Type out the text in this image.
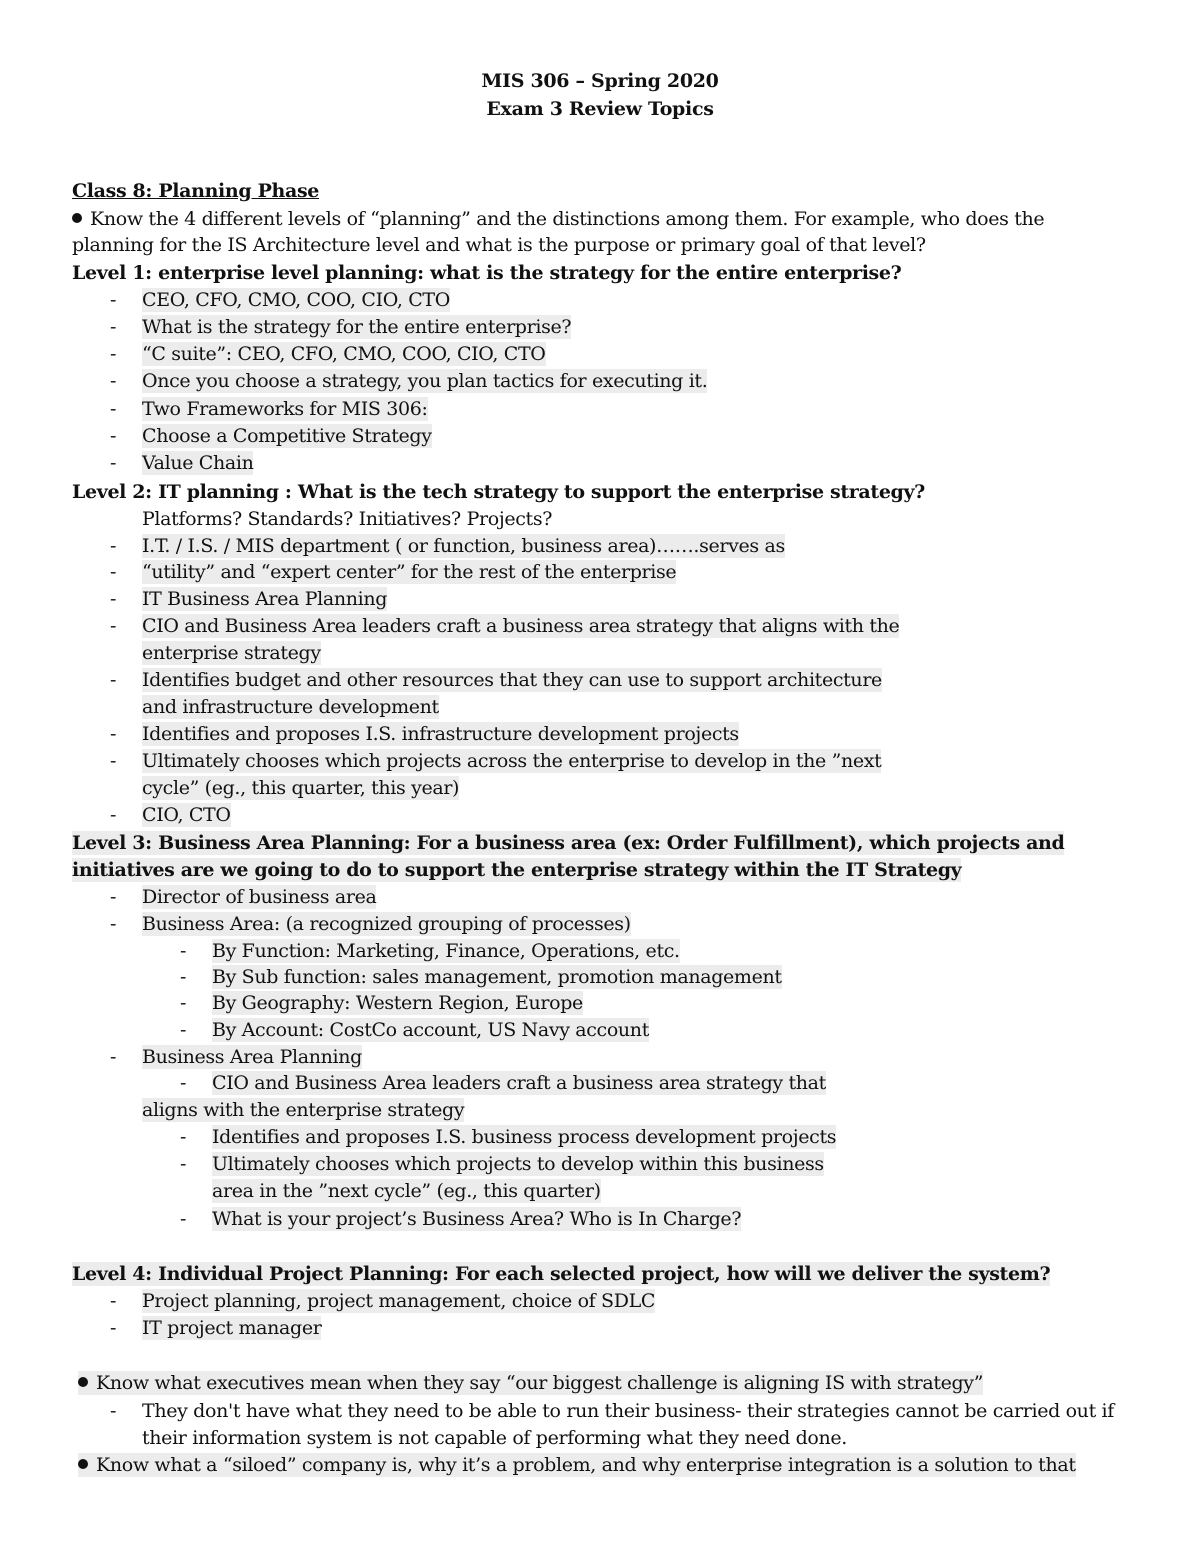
MIS 306 – Spring 2020
Exam 3 Review Topics
Class 8: Planning Phase
Know the 4 different levels of “planning” and the distinctions among them. For example, who does the
planning for the IS Architecture level and what is the purpose or primary goal of that level?
Level 1: enterprise level planning: what is the strategy for the entire enterprise?
- CEO, CFO, CMO, COO, CIO, CTO
- What is the strategy for the entire enterprise?
- “C suite”: CEO, CFO, CMO, COO, CIO, CTO
- Once you choose a strategy, you plan tactics for executing it.
- Two Frameworks for MIS 306:
- Choose a Competitive Strategy
- Value Chain
Level 2: IT planning : What is the tech strategy to support the enterprise strategy?
Platforms? Standards? Initiatives? Projects?
- I.T. / I.S. / MIS department ( or function, business area)…….serves as
- “utility” and “expert center” for the rest of the enterprise
- IT Business Area Planning
- CIO and Business Area leaders craft a business area strategy that aligns with the
enterprise strategy
- Identifies budget and other resources that they can use to support architecture
and infrastructure development
- Identifies and proposes I.S. infrastructure development projects
- Ultimately chooses which projects across the enterprise to develop in the ”next
cycle” (eg., this quarter, this year)
- CIO, CTO
Level 3: Business Area Planning: For a business area (ex: Order Fulfillment), which projects and
initiatives are we going to do to support the enterprise strategy within the IT Strategy
- Director of business area
- Business Area: (a recognized grouping of processes)
- By Function: Marketing, Finance, Operations, etc.
- By Sub function: sales management, promotion management
- By Geography: Western Region, Europe
- By Account: CostCo account, US Navy account
- Business Area Planning
- CIO and Business Area leaders craft a business area strategy that
aligns with the enterprise strategy
- Identifies and proposes I.S. business process development projects
- Ultimately chooses which projects to develop within this business
area in the ”next cycle” (eg., this quarter)
- What is your project’s Business Area? Who is In Charge?
Level 4: Individual Project Planning: For each selected project, how will we deliver the system?
- Project planning, project management, choice of SDLC
- IT project manager
Know what executives mean when they say “our biggest challenge is aligning IS with strategy”
- They don't have what they need to be able to run their business- their strategies cannot be carried out if
their information system is not capable of performing what they need done.
Know what a “siloed” company is, why it’s a problem, and why enterprise integration is a solution to that
